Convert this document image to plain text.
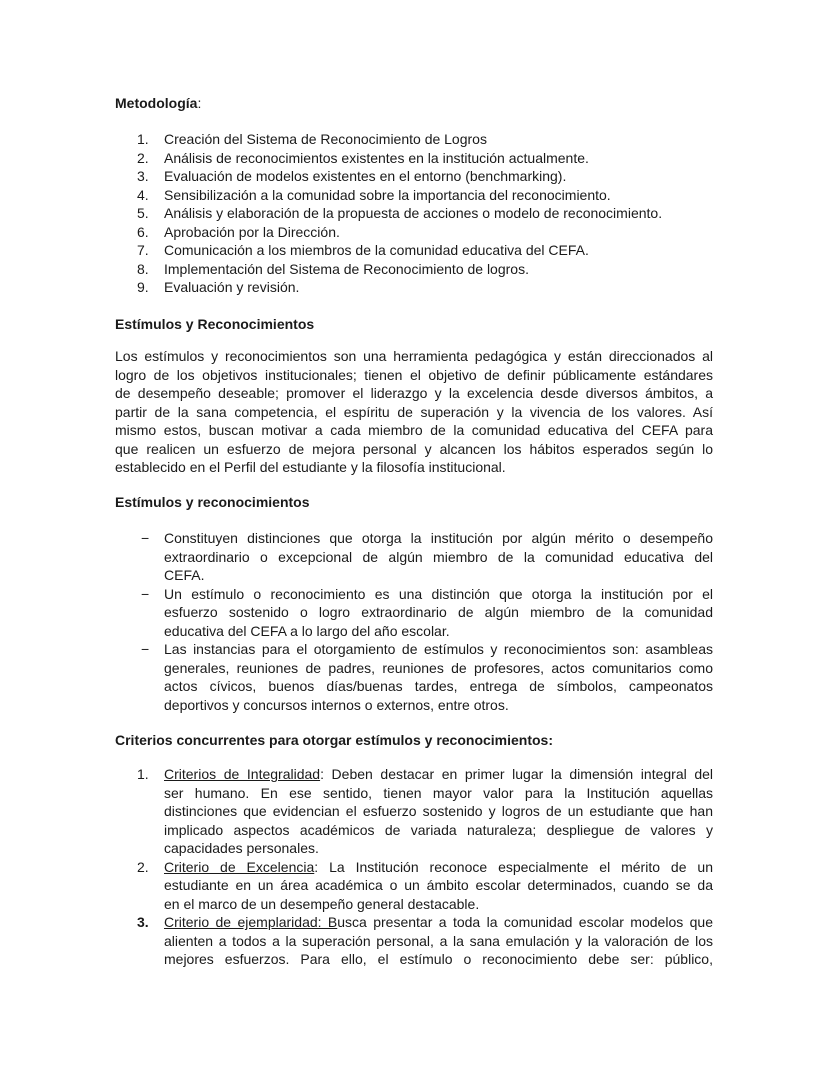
Metodología:
1. Creación del Sistema de Reconocimiento de Logros
2. Análisis de reconocimientos existentes en la institución actualmente.
3. Evaluación de modelos existentes en el entorno (benchmarking).
4. Sensibilización a la comunidad sobre la importancia del reconocimiento.
5. Análisis y elaboración de la propuesta de acciones o modelo de reconocimiento.
6. Aprobación por la Dirección.
7. Comunicación a los miembros de la comunidad educativa del CEFA.
8. Implementación del Sistema de Reconocimiento de logros.
9. Evaluación y revisión.
Estímulos y Reconocimientos
Los estímulos y reconocimientos son una herramienta pedagógica y están direccionados al
logro de los objetivos institucionales; tienen el objetivo de definir públicamente estándares
de desempeño deseable; promover el liderazgo y la excelencia desde diversos ámbitos, a
partir de la sana competencia, el espíritu de superación y la vivencia de los valores. Así
mismo estos, buscan motivar a cada miembro de la comunidad educativa del CEFA para
que realicen un esfuerzo de mejora personal y alcancen los hábitos esperados según lo
establecido en el Perfil del estudiante y la filosofía institucional.
Estímulos y reconocimientos
− Constituyen distinciones que otorga la institución por algún mérito o desempeño
extraordinario o excepcional de algún miembro de la comunidad educativa del
CEFA.
− Un estímulo o reconocimiento es una distinción que otorga la institución por el
esfuerzo sostenido o logro extraordinario de algún miembro de la comunidad
educativa del CEFA a lo largo del año escolar.
− Las instancias para el otorgamiento de estímulos y reconocimientos son: asambleas
generales, reuniones de padres, reuniones de profesores, actos comunitarios como
actos cívicos, buenos días/buenas tardes, entrega de símbolos, campeonatos
deportivos y concursos internos o externos, entre otros.
Criterios concurrentes para otorgar estímulos y reconocimientos:
1. Criterios de Integralidad: Deben destacar en primer lugar la dimensión integral del
ser humano. En ese sentido, tienen mayor valor para la Institución aquellas
distinciones que evidencian el esfuerzo sostenido y logros de un estudiante que han
implicado aspectos académicos de variada naturaleza; despliegue de valores y
capacidades personales.
2. Criterio de Excelencia: La Institución reconoce especialmente el mérito de un
estudiante en un área académica o un ámbito escolar determinados, cuando se da
en el marco de un desempeño general destacable.
3. Criterio de ejemplaridad: Busca presentar a toda la comunidad escolar modelos que
alienten a todos a la superación personal, a la sana emulación y la valoración de los
mejores esfuerzos. Para ello, el estímulo o reconocimiento debe ser: público,
